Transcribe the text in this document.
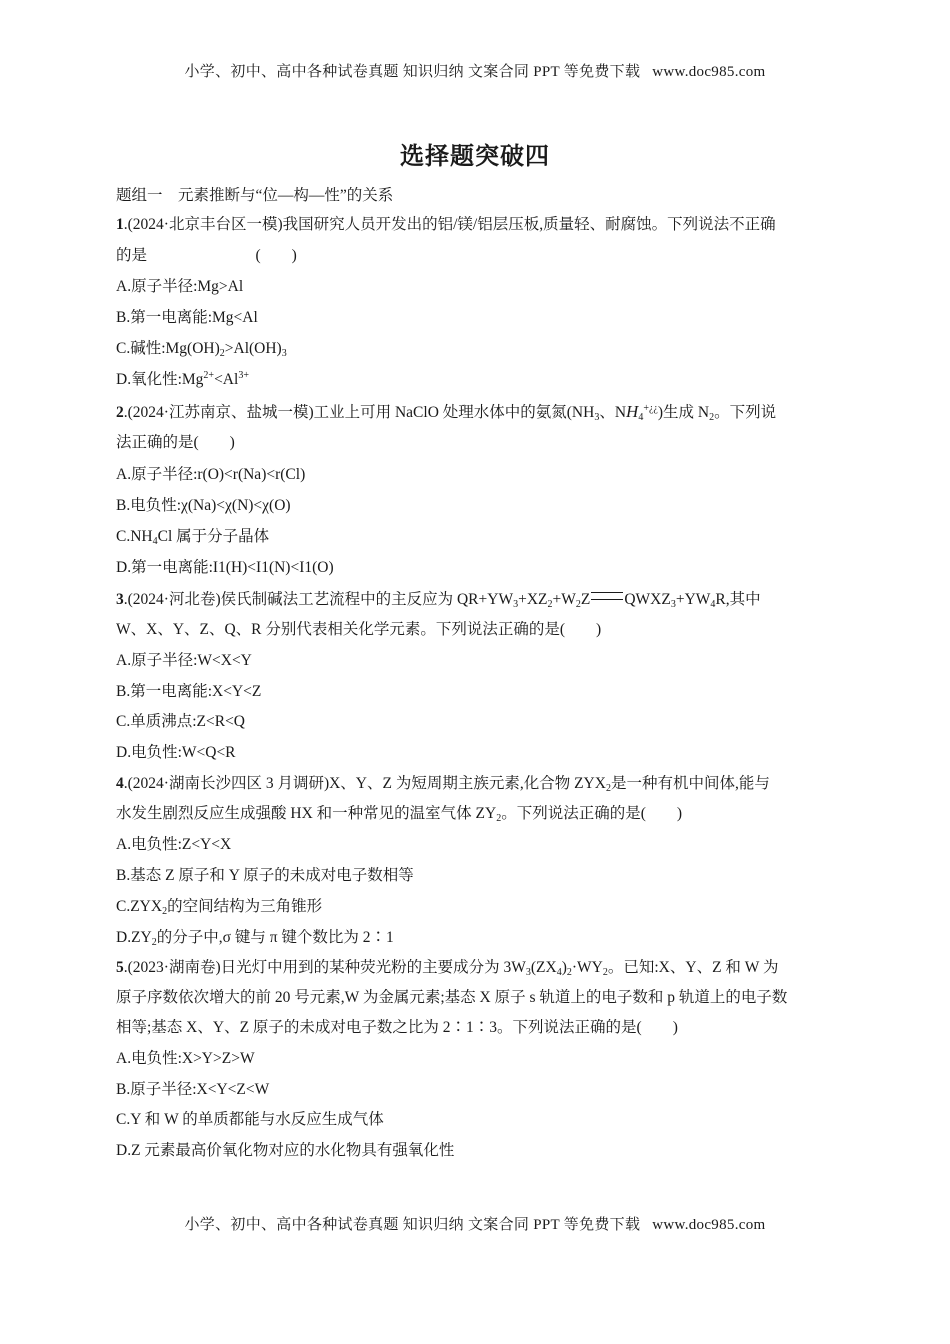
小学、初中、高中各种试卷真题 知识归纳 文案合同 PPT 等免费下载 www.doc985.com
选择题突破四
题组一　元素推断与“位—构—性”的关系
1.(2024·北京丰台区一模)我国研究人员开发出的铝/镁/铝层压板,质量轻、耐腐蚀。下列说法不正确
的是　　　　　　　(　　)
A.原子半径:Mg>Al
B.第一电离能:Mg<Al
C.碱性$:Mg(OH)_2>Al(OH)_3$
D.氧化性$:Mg^{2+}<Al^{3+}$
2.(2024·江苏南京、盐城一模)工业上可用 NaClO 处理水体中的氨氮($NH_3$、$NH_4^{+¿¿}$)生成 $N_2$。下列说
法正确的是(　　)
A.原子半径:r(O)<r(Na)<r(Cl)
B.电负性:χ(Na)<χ(N)<χ(O)
$C.NH_4Cl$ 属于分子晶体
D.第一电离能:I1(H)<I1(N)<I1(O)
3.(2024·河北卷)侯氏制碱法工艺流程中的主反应为 $QR+YW_3+XZ_2+W_2Z$ $QWXZ_3+YW_4R$,其中
W、X、Y、Z、Q、R 分别代表相关化学元素。下列说法正确的是(　　)
A.原子半径:W<X<Y
B.第一电离能:X<Y<Z
C.单质沸点:Z<R<Q
D.电负性:W<Q<R
4.(2024·湖南长沙四区 3 月调研)X、Y、Z 为短周期主族元素,化合物 $ZYX_2$是一种有机中间体,能与
水发生剧烈反应生成强酸 HX 和一种常见的温室气体 $ZY_2$。下列说法正确的是(　　)
A.电负性:Z<Y<X
B.基态 Z 原子和 Y 原子的未成对电子数相等
$C.ZYX_2$的空间结构为三角锥形
$D.ZY_2$的分子中,σ 键与 π 键个数比为 2∶1
5.(2023·湖南卷)日光灯中用到的某种荧光粉的主要成分为 $3W_3(ZX_4)_2\cdot WY_2$。已知:X、Y、Z 和 W 为
原子序数依次增大的前 20 号元素,W 为金属元素;基态 X 原子 s 轨道上的电子数和 p 轨道上的电子数
相等;基态 X、Y、Z 原子的未成对电子数之比为 2∶1∶3。下列说法正确的是(　　)
A.电负性:X>Y>Z>W
B.原子半径:X<Y<Z<W
C.Y 和 W 的单质都能与水反应生成气体
D.Z 元素最高价氧化物对应的水化物具有强氧化性
小学、初中、高中各种试卷真题 知识归纳 文案合同 PPT 等免费下载 www.doc985.com
